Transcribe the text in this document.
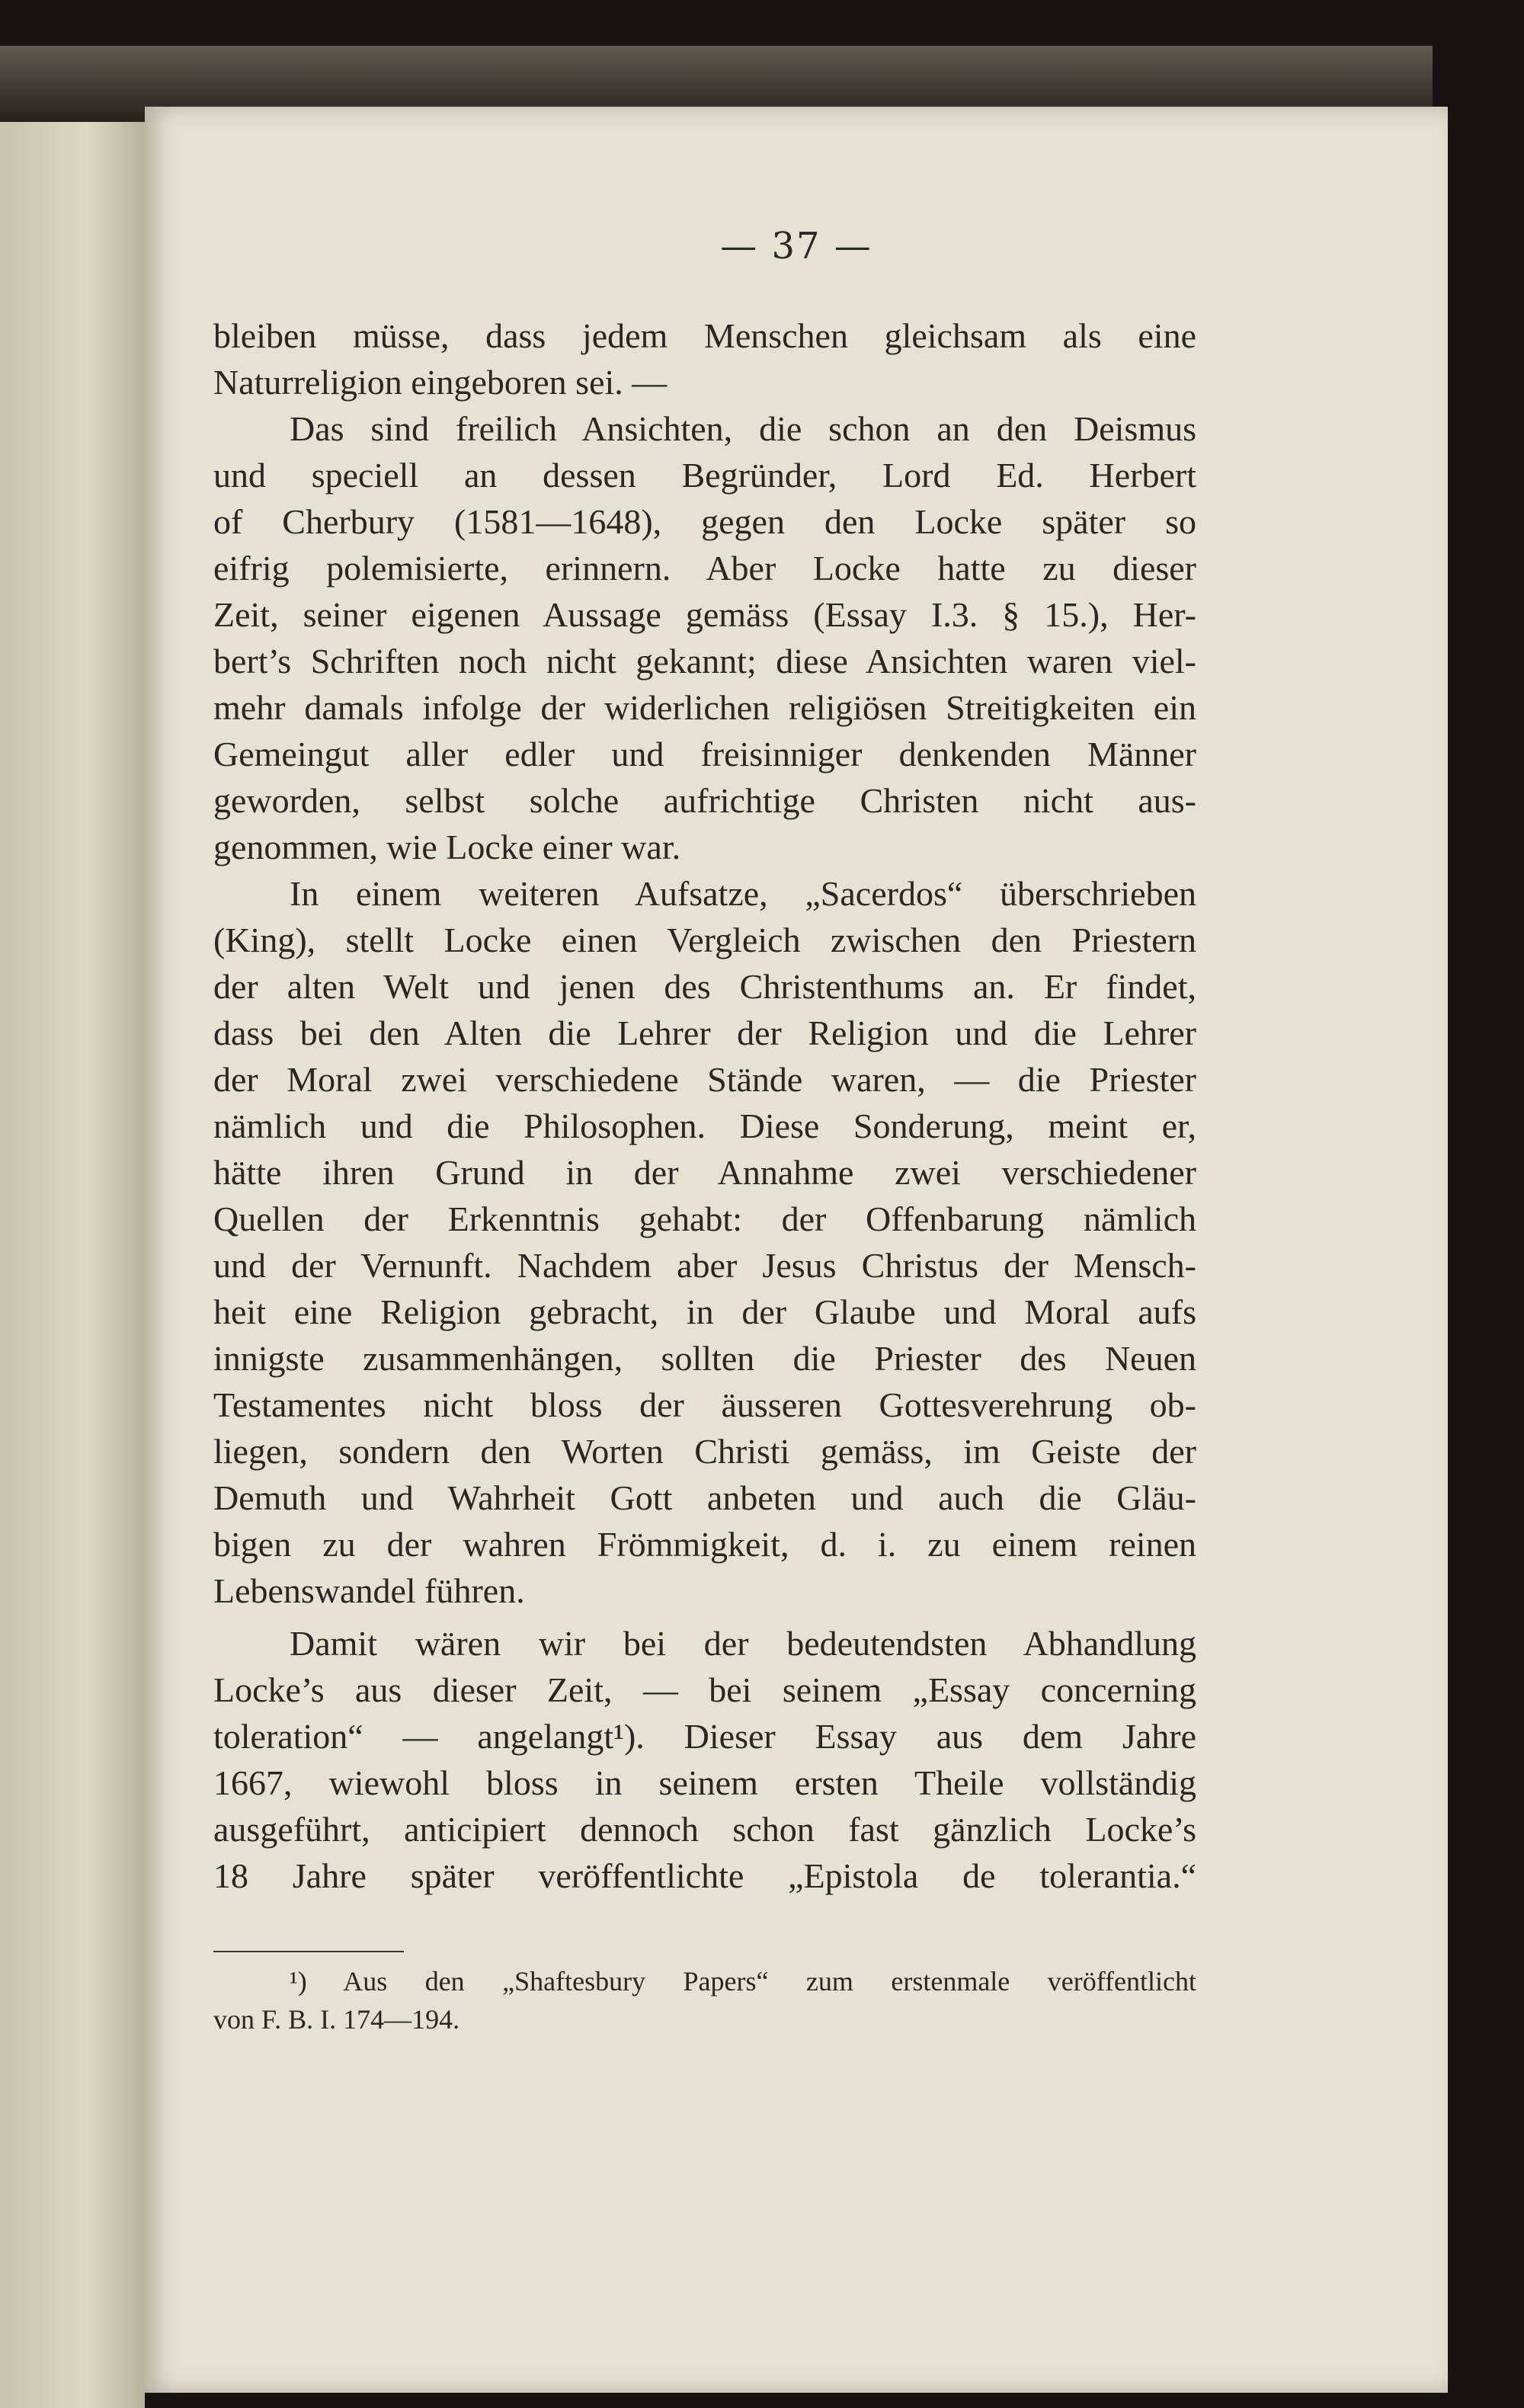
— 37 —
bleiben müsse, dass jedem Menschen gleichsam als eine
Naturreligion eingeboren sei. —
Das sind freilich Ansichten, die schon an den Deismus
und speciell an dessen Begründer, Lord Ed. Herbert
of Cherbury (1581—1648), gegen den Locke später so
eifrig polemisierte, erinnern. Aber Locke hatte zu dieser
Zeit, seiner eigenen Aussage gemäss (Essay I.3. § 15.), Her-
bert’s Schriften noch nicht gekannt; diese Ansichten waren viel-
mehr damals infolge der widerlichen religiösen Streitigkeiten ein
Gemeingut aller edler und freisinniger denkenden Männer
geworden, selbst solche aufrichtige Christen nicht aus-
genommen, wie Locke einer war.
In einem weiteren Aufsatze, „Sacerdos“ überschrieben
(King), stellt Locke einen Vergleich zwischen den Priestern
der alten Welt und jenen des Christenthums an. Er findet,
dass bei den Alten die Lehrer der Religion und die Lehrer
der Moral zwei verschiedene Stände waren, — die Priester
nämlich und die Philosophen. Diese Sonderung, meint er,
hätte ihren Grund in der Annahme zwei verschiedener
Quellen der Erkenntnis gehabt: der Offenbarung nämlich
und der Vernunft. Nachdem aber Jesus Christus der Mensch-
heit eine Religion gebracht, in der Glaube und Moral aufs
innigste zusammenhängen, sollten die Priester des Neuen
Testamentes nicht bloss der äusseren Gottesverehrung ob-
liegen, sondern den Worten Christi gemäss, im Geiste der
Demuth und Wahrheit Gott anbeten und auch die Gläu-
bigen zu der wahren Frömmigkeit, d. i. zu einem reinen
Lebenswandel führen.
Damit wären wir bei der bedeutendsten Abhandlung
Locke’s aus dieser Zeit, — bei seinem „Essay concerning
toleration“ — angelangt¹). Dieser Essay aus dem Jahre
1667, wiewohl bloss in seinem ersten Theile vollständig
ausgeführt, anticipiert dennoch schon fast gänzlich Locke’s
18 Jahre später veröffentlichte „Epistola de tolerantia.“
¹) Aus den „Shaftesbury Papers“ zum erstenmale veröffentlicht
von F. B. I. 174—194.
